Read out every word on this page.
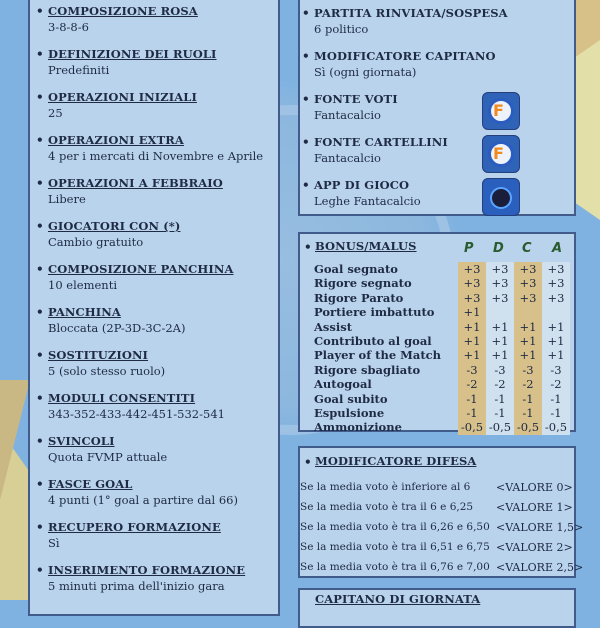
• COMPOSIZIONE ROSA
3-8-8-6
• DEFINIZIONE DEI RUOLI
Predefiniti
• OPERAZIONI INIZIALI
25
• OPERAZIONI EXTRA
4 per i mercati di Novembre e Aprile
• OPERAZIONI A FEBBRAIO
Libere
• GIOCATORI CON (*)
Cambio gratuito
• COMPOSIZIONE PANCHINA
10 elementi
• PANCHINA
Bloccata (2P-3D-3C-2A)
• SOSTITUZIONI
5 (solo stesso ruolo)
• MODULI CONSENTITI
343-352-433-442-451-532-541
• SVINCOLI
Quota FVMP attuale
• FASCE GOAL
4 punti (1° goal a partire dal 66)
• RECUPERO FORMAZIONE
Sì
• INSERIMENTO FORMAZIONE
5 minuti prima dell'inizio gara
• PARTITA RINVIATA/SOSPESA
6 politico
• MODIFICATORE CAPITANO
Sì (ogni giornata)
• FONTE VOTI
Fantacalcio	F
• FONTE CARTELLINI
Fantacalcio	F
• APP DI GIOCO
Leghe Fantacalcio
• BONUS/MALUS	P D C A
Goal segnato	+3	+3	+3	+3
Rigore segnato	+3	+3	+3	+3
Rigore Parato	+3	+3	+3	+3
Portiere imbattuto	+1			
Assist	+1	+1	+1	+1
Contributo al goal	+1	+1	+1	+1
Player of the Match	+1	+1	+1	+1
Rigore sbagliato	-3	-3	-3	-3
Autogoal	-2	-2	-2	-2
Goal subito	-1	-1	-1	-1
Espulsione	-1	-1	-1	-1
Ammonizione	-0,5	-0,5	-0,5	-0,5
• MODIFICATORE DIFESA
Se la media voto è inferiore al 6 <VALORE 0>
Se la media voto è tra il 6 e 6,25 <VALORE 1>
Se la media voto è tra il 6,26 e 6,50 <VALORE 1,5>
Se la media voto è tra il 6,51 e 6,75 <VALORE 2>
Se la media voto è tra il 6,76 e 7,00 <VALORE 2,5>
CAPITANO DI GIORNATA
